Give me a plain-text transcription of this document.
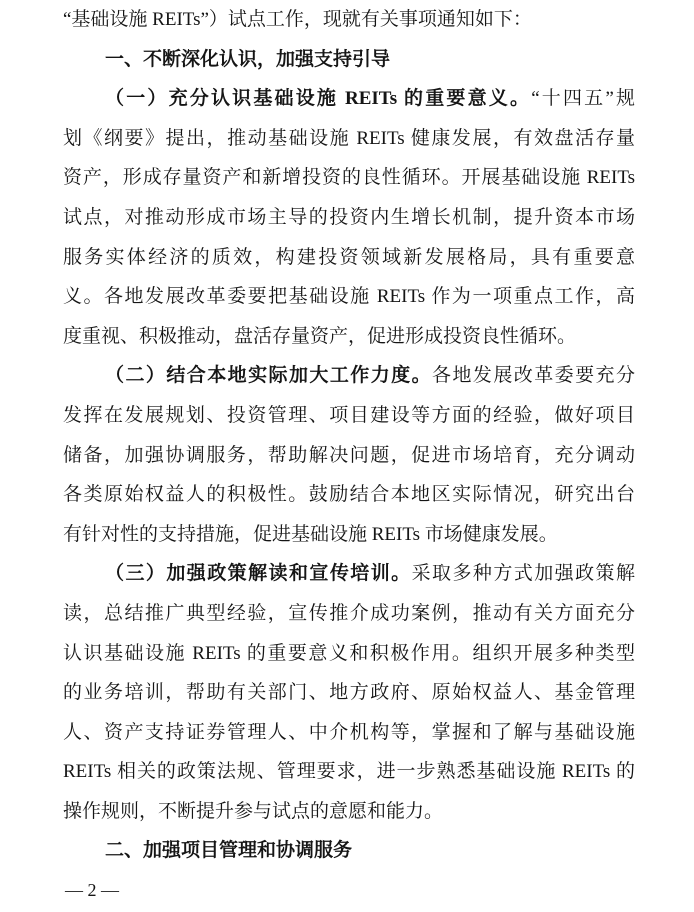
“基础设施 REITs”）试点工作，现就有关事项通知如下：
一、不断深化认识，加强支持引导
（一）充分认识基础设施 REITs 的重要意义。“十四五”规
划《纲要》提出，推动基础设施 REITs 健康发展，有效盘活存量
资产，形成存量资产和新增投资的良性循环。开展基础设施 REITs
试点，对推动形成市场主导的投资内生增长机制，提升资本市场
服务实体经济的质效，构建投资领域新发展格局，具有重要意
义。各地发展改革委要把基础设施 REITs 作为一项重点工作，高
度重视、积极推动，盘活存量资产，促进形成投资良性循环。
（二）结合本地实际加大工作力度。各地发展改革委要充分
发挥在发展规划、投资管理、项目建设等方面的经验，做好项目
储备，加强协调服务，帮助解决问题，促进市场培育，充分调动
各类原始权益人的积极性。鼓励结合本地区实际情况，研究出台
有针对性的支持措施，促进基础设施 REITs 市场健康发展。
（三）加强政策解读和宣传培训。采取多种方式加强政策解
读，总结推广典型经验，宣传推介成功案例，推动有关方面充分
认识基础设施 REITs 的重要意义和积极作用。组织开展多种类型
的业务培训，帮助有关部门、地方政府、原始权益人、基金管理
人、资产支持证券管理人、中介机构等，掌握和了解与基础设施
REITs 相关的政策法规、管理要求，进一步熟悉基础设施 REITs 的
操作规则，不断提升参与试点的意愿和能力。
二、加强项目管理和协调服务
— 2 —
